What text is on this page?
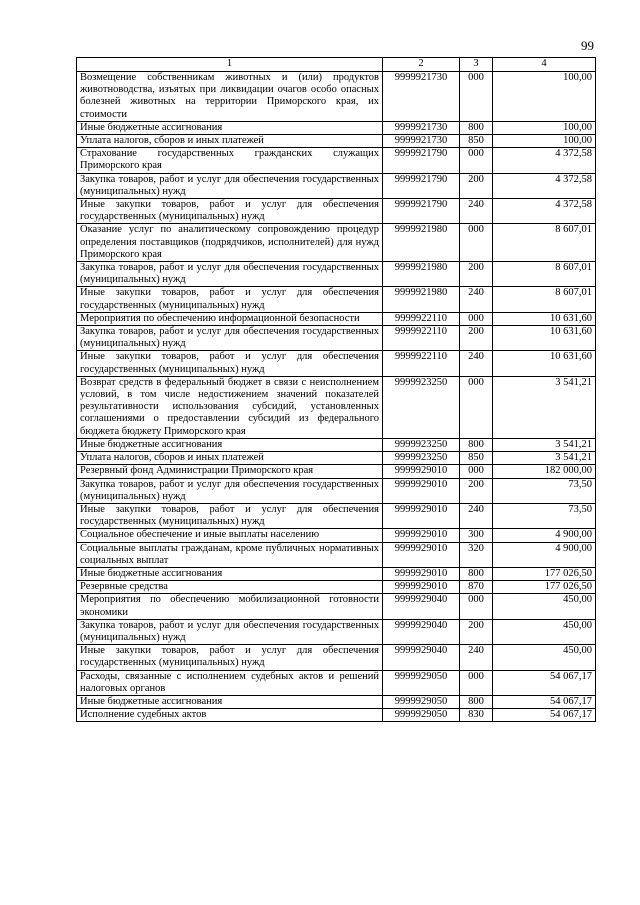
99
1	2	3	4
Возмещение собственникам животных и (или) продуктов животноводства, изъятых при ликвидации очагов особо опасных болезней животных на территории Приморского края, их стоимости	9999921730	000	100,00
Иные бюджетные ассигнования	9999921730	800	100,00
Уплата налогов, сборов и иных платежей	9999921730	850	100,00
Страхование государственных гражданских служащих Приморского края	9999921790	000	4 372,58
Закупка товаров, работ и услуг для обеспечения государственных (муниципальных) нужд	9999921790	200	4 372,58
Иные закупки товаров, работ и услуг для обеспечения государственных (муниципальных) нужд	9999921790	240	4 372,58
Оказание услуг по аналитическому сопровождению процедур определения поставщиков (подрядчиков, исполнителей) для нужд Приморского края	9999921980	000	8 607,01
Закупка товаров, работ и услуг для обеспечения государственных (муниципальных) нужд	9999921980	200	8 607,01
Иные закупки товаров, работ и услуг для обеспечения государственных (муниципальных) нужд	9999921980	240	8 607,01
Мероприятия по обеспечению информационной безопасности	9999922110	000	10 631,60
Закупка товаров, работ и услуг для обеспечения государственных (муниципальных) нужд	9999922110	200	10 631,60
Иные закупки товаров, работ и услуг для обеспечения государственных (муниципальных) нужд	9999922110	240	10 631,60
Возврат средств в федеральный бюджет в связи с неисполнением условий, в том числе недостижением значений показателей результативности использования субсидий, установленных соглашениями о предоставлении субсидий из федерального бюджета бюджету Приморского края	9999923250	000	3 541,21
Иные бюджетные ассигнования	9999923250	800	3 541,21
Уплата налогов, сборов и иных платежей	9999923250	850	3 541,21
Резервный фонд Администрации Приморского края	9999929010	000	182 000,00
Закупка товаров, работ и услуг для обеспечения государственных (муниципальных) нужд	9999929010	200	73,50
Иные закупки товаров, работ и услуг для обеспечения государственных (муниципальных) нужд	9999929010	240	73,50
Социальное обеспечение и иные выплаты населению	9999929010	300	4 900,00
Социальные выплаты гражданам, кроме публичных нормативных социальных выплат	9999929010	320	4 900,00
Иные бюджетные ассигнования	9999929010	800	177 026,50
Резервные средства	9999929010	870	177 026,50
Мероприятия по обеспечению мобилизационной готовности экономики	9999929040	000	450,00
Закупка товаров, работ и услуг для обеспечения государственных (муниципальных) нужд	9999929040	200	450,00
Иные закупки товаров, работ и услуг для обеспечения государственных (муниципальных) нужд	9999929040	240	450,00
Расходы, связанные с исполнением судебных актов и решений налоговых органов	9999929050	000	54 067,17
Иные бюджетные ассигнования	9999929050	800	54 067,17
Исполнение судебных актов	9999929050	830	54 067,17
